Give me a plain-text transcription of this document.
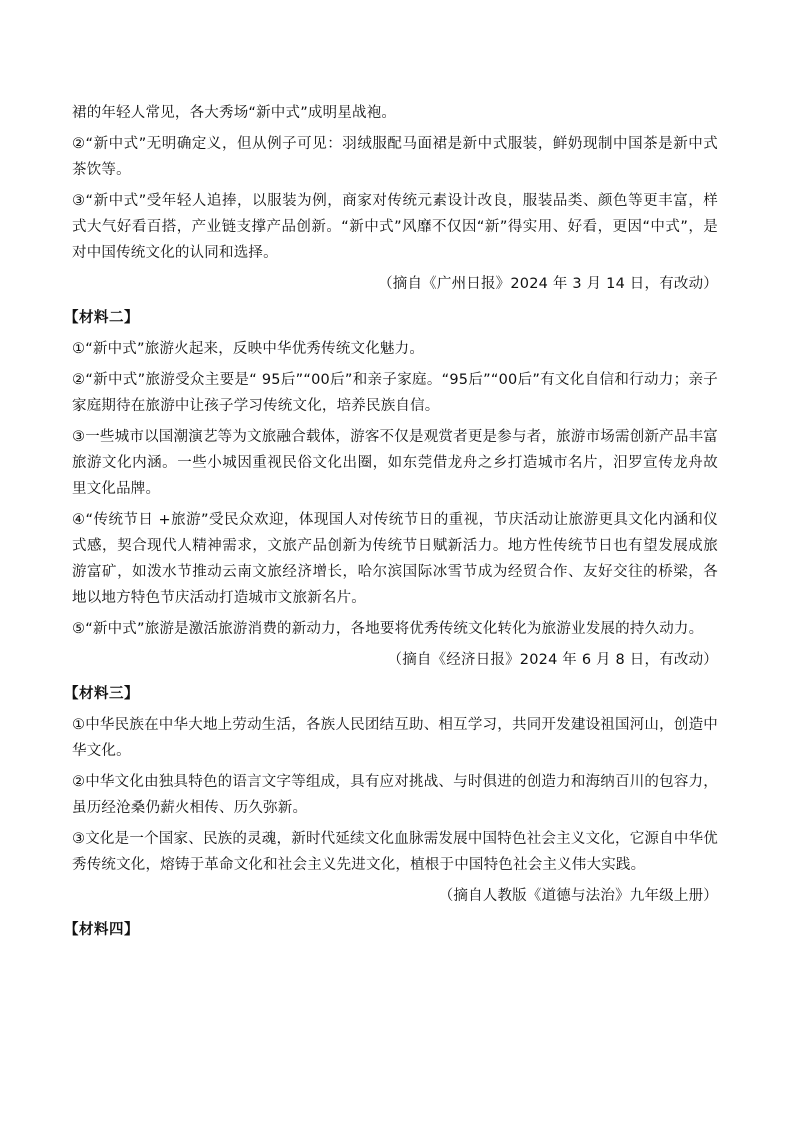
裙的年轻人常见，各大秀场“新中式”成明星战袍。

②“新中式”无明确定义，但从例子可见：羽绒服配马面裙是新中式服装，鲜奶现制中国茶是新中式茶饮等。

③“新中式”受年轻人追捧，以服装为例，商家对传统元素设计改良，服装品类、颜色等更丰富，样式大气好看百搭，产业链支撑产品创新。“新中式”风靡不仅因“新”得实用、好看，更因“中式”，是对中国传统文化的认同和选择。

（摘自《广州日报》2024 年 3 月 14 日，有改动）

【材料二】

①“新中式”旅游火起来，反映中华优秀传统文化魅力。

②“新中式”旅游受众主要是“ 95后”“00后”和亲子家庭。“95后”“00后”有文化自信和行动力；亲子家庭期待在旅游中让孩子学习传统文化，培养民族自信。

③一些城市以国潮演艺等为文旅融合载体，游客不仅是观赏者更是参与者，旅游市场需创新产品丰富旅游文化内涵。一些小城因重视民俗文化出圈，如东莞借龙舟之乡打造城市名片，汨罗宣传龙舟故里文化品牌。

④“传统节日 +旅游”受民众欢迎，体现国人对传统节日的重视，节庆活动让旅游更具文化内涵和仪式感，契合现代人精神需求，文旅产品创新为传统节日赋新活力。地方性传统节日也有望发展成旅游富矿，如泼水节推动云南文旅经济增长，哈尔滨国际冰雪节成为经贸合作、友好交往的桥梁，各地以地方特色节庆活动打造城市文旅新名片。

⑤“新中式”旅游是激活旅游消费的新动力，各地要将优秀传统文化转化为旅游业发展的持久动力。

（摘自《经济日报》2024 年 6 月 8 日，有改动）

【材料三】

①中华民族在中华大地上劳动生活，各族人民团结互助、相互学习，共同开发建设祖国河山，创造中华文化。

②中华文化由独具特色的语言文字等组成，具有应对挑战、与时俱进的创造力和海纳百川的包容力，虽历经沧桑仍薪火相传、历久弥新。

③文化是一个国家、民族的灵魂，新时代延续文化血脉需发展中国特色社会主义文化，它源自中华优秀传统文化，熔铸于革命文化和社会主义先进文化，植根于中国特色社会主义伟大实践。

（摘自人教版《道德与法治》九年级上册）

【材料四】
